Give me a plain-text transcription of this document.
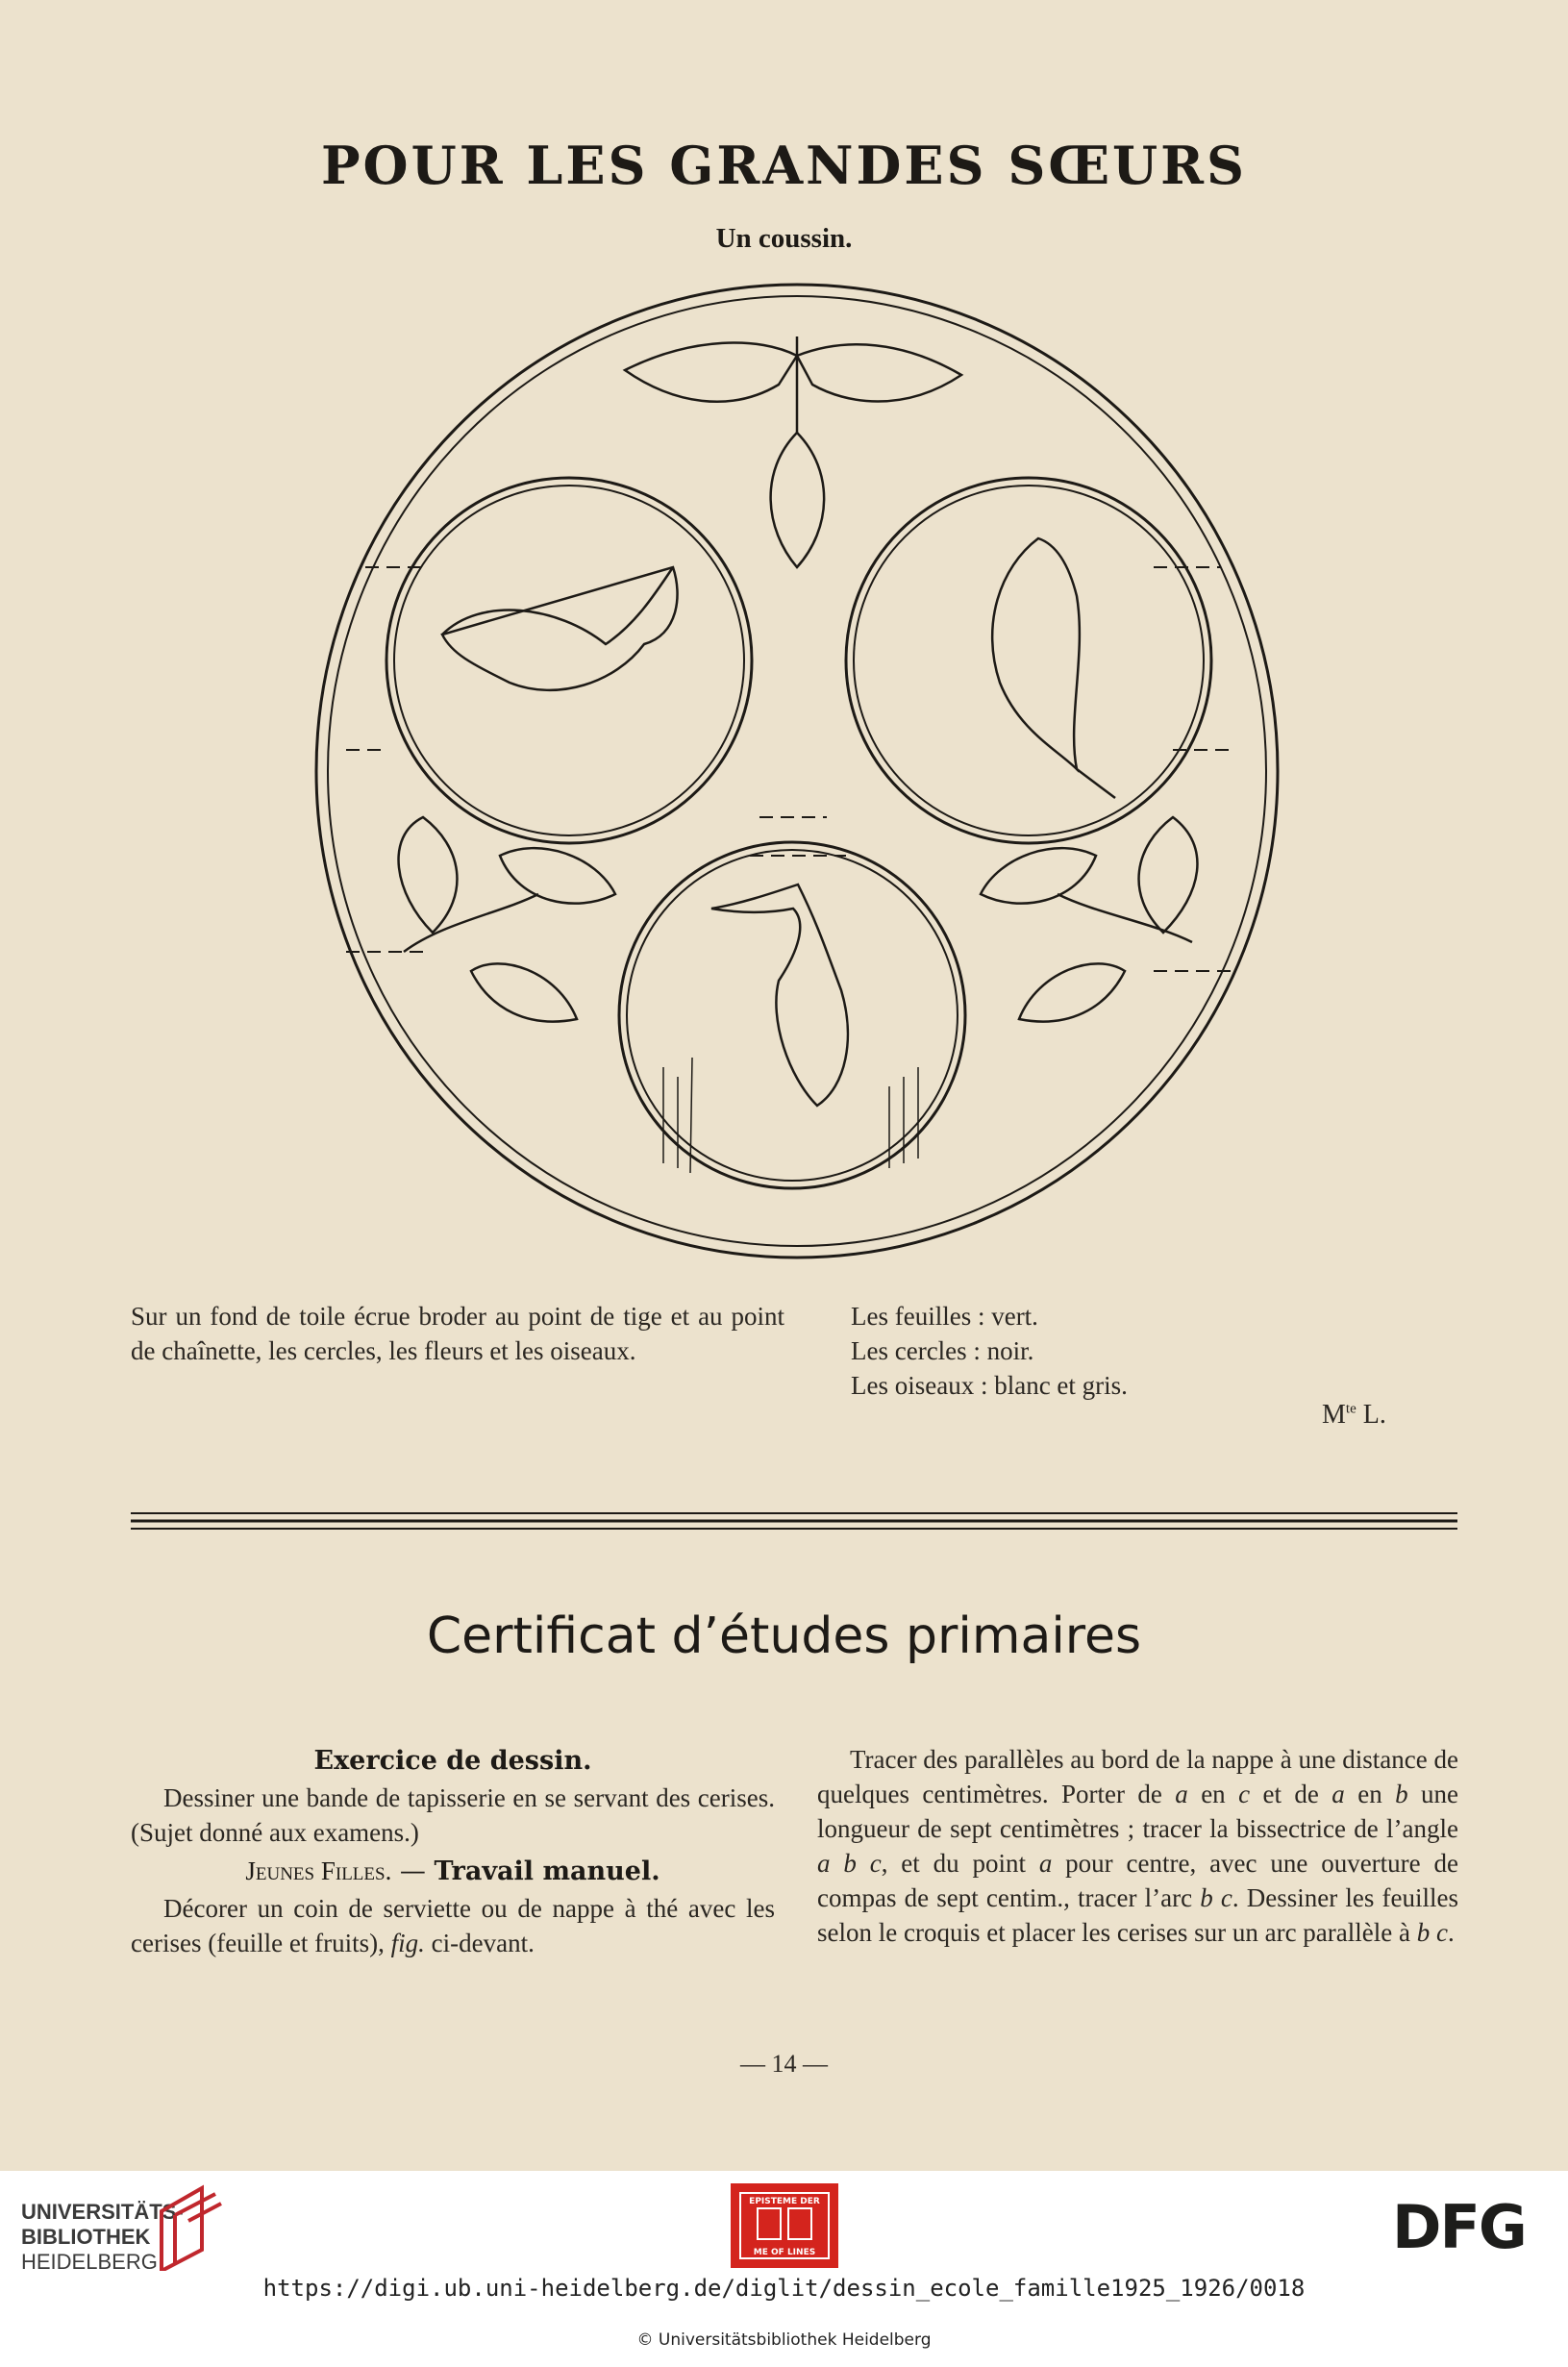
POUR LES GRANDES SŒURS
Un coussin.
Sur un fond de toile écrue broder au point de tige et au point de chaînette, les cercles, les fleurs et les oiseaux.
Les feuilles : vert.
Les cercles : noir.
Les oiseaux : blanc et gris.
$M^{te}$ L.
Certificat d’études primaires
Exercice de dessin.

Dessiner une bande de tapisserie en se servant des cerises. (Sujet donné aux examens.)

Jeunes Filles. — Travail manuel.

Décorer un coin de serviette ou de nappe à thé avec les cerises (feuille et fruits), fig. ci-devant.

Tracer des parallèles au bord de la nappe à une distance de quelques centimètres. Porter de a en c et de a en b une longueur de sept centimètres ; tracer la bissectrice de l’angle a b c, et du point a pour centre, avec une ouverture de compas de sept centim., tracer l’arc b c. Dessiner les feuilles selon le croquis et placer les cerises sur un arc parallèle à b c.

— 14 —
UNIVERSITÄTS-
BIBLIOTHEK
HEIDELBERG
EPISTEME DER
ME OF LINES	DFG
https://digi.ub.uni-heidelberg.de/diglit/dessin_ecole_famille1925_1926/0018
© Universitätsbibliothek Heidelberg
